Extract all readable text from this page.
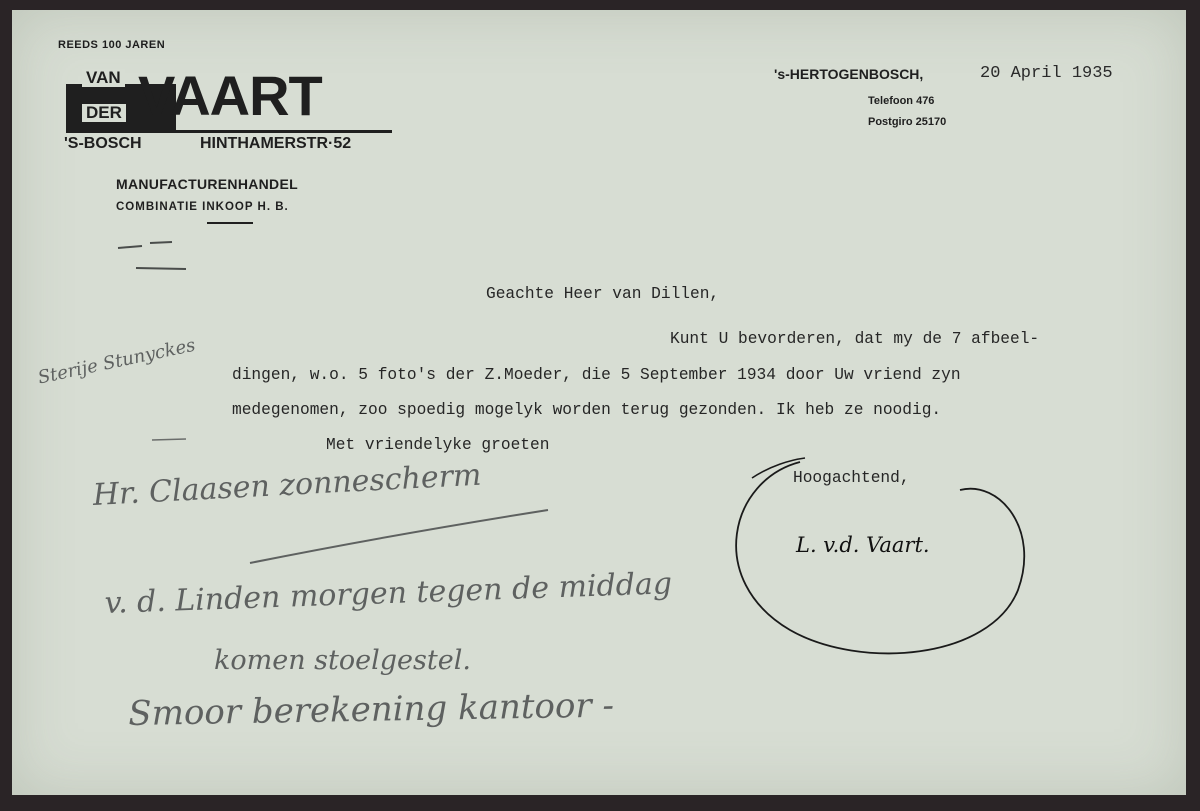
REEDS 100 JAREN
VAN
DER VAART
'S-BOSCH	HINTHAMERSTR·52
MANUFACTURENHANDEL
COMBINATIE INKOOP H. B.
's-HERTOGENBOSCH,	20 April 1935
Telefoon 476
Postgiro 25170
Geachte Heer van Dillen,
Kunt U bevorderen, dat my de 7 afbeel-
dingen, w.o. 5 foto's der Z.Moeder, die 5 September 1934 door Uw vriend zyn
medegenomen, zoo spoedig mogelyk worden terug gezonden. Ik heb ze noodig.
Met vriendelyke groeten
Hoogachtend,
L. v.d. Vaart.
Sterije Stunyckes
Hr. Claasen zonnescherm
v. d. Linden morgen tegen de middag
komen stoelgestel.
Smoor berekening kantoor -
